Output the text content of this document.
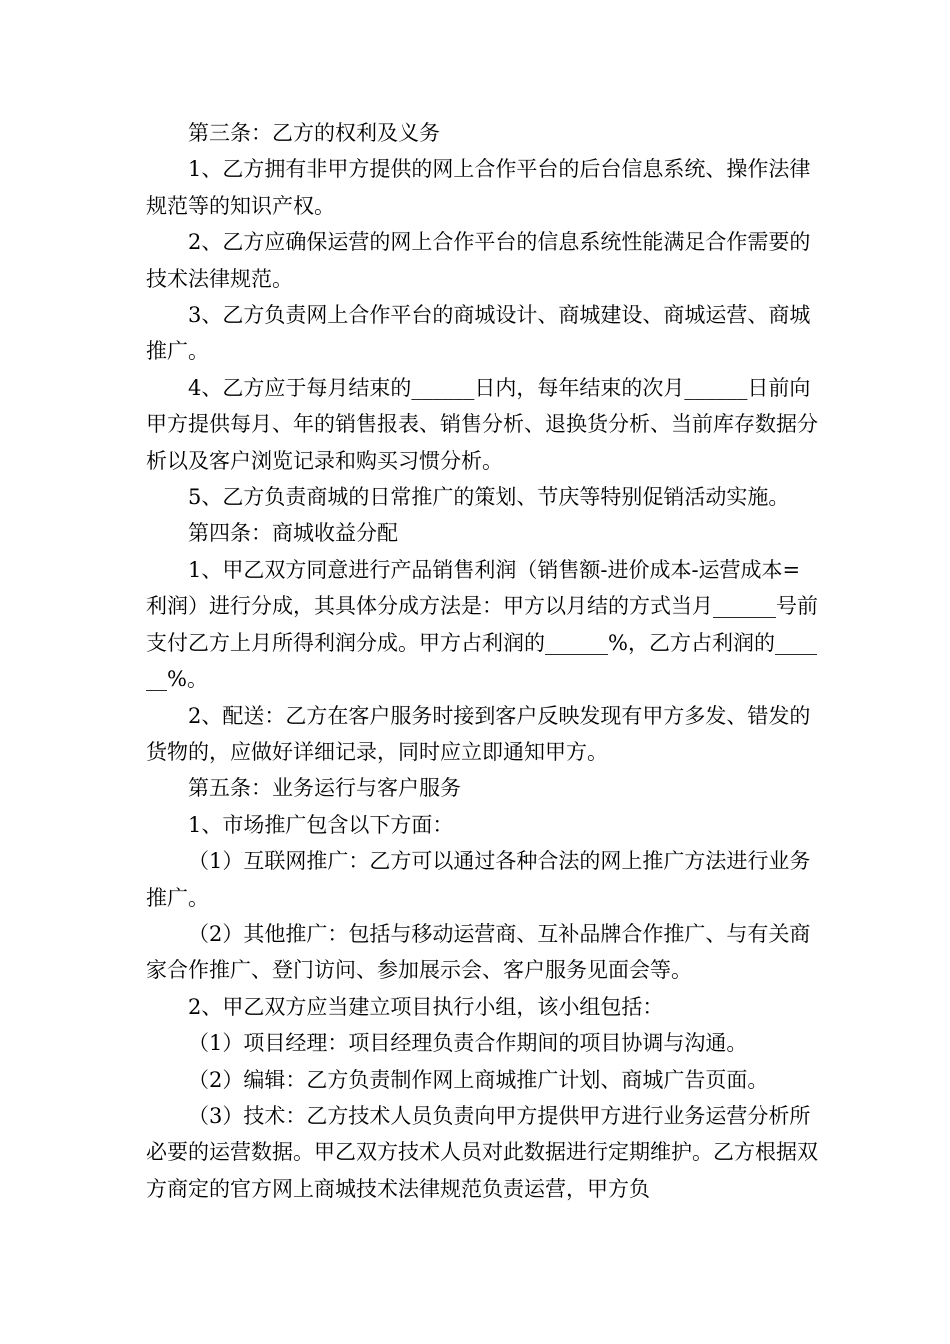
第三条：乙方的权利及义务

1、乙方拥有非甲方提供的网上合作平台的后台信息系统、操作法律规范等的知识产权。

2、乙方应确保运营的网上合作平台的信息系统性能满足合作需要的技术法律规范。

3、乙方负责网上合作平台的商城设计、商城建设、商城运营、商城推广。

4、乙方应于每月结束的______日内，每年结束的次月______日前向甲方提供每月、年的销售报表、销售分析、退换货分析、当前库存数据分析以及客户浏览记录和购买习惯分析。

5、乙方负责商城的日常推广的策划、节庆等特别促销活动实施。

第四条：商城收益分配

1、甲乙双方同意进行产品销售利润（销售额-进价成本-运营成本=利润）进行分成，其具体分成方法是：甲方以月结的方式当月______号前支付乙方上月所得利润分成。甲方占利润的______%，乙方占利润的______%。

2、配送：乙方在客户服务时接到客户反映发现有甲方多发、错发的货物的，应做好详细记录，同时应立即通知甲方。

第五条：业务运行与客户服务

1、市场推广包含以下方面：

（1）互联网推广：乙方可以通过各种合法的网上推广方法进行业务推广。

（2）其他推广：包括与移动运营商、互补品牌合作推广、与有关商家合作推广、登门访问、参加展示会、客户服务见面会等。

2、甲乙双方应当建立项目执行小组，该小组包括：

（1）项目经理：项目经理负责合作期间的项目协调与沟通。

（2）编辑：乙方负责制作网上商城推广计划、商城广告页面。

（3）技术：乙方技术人员负责向甲方提供甲方进行业务运营分析所必要的运营数据。甲乙双方技术人员对此数据进行定期维护。乙方根据双方商定的官方网上商城技术法律规范负责运营，甲方负
